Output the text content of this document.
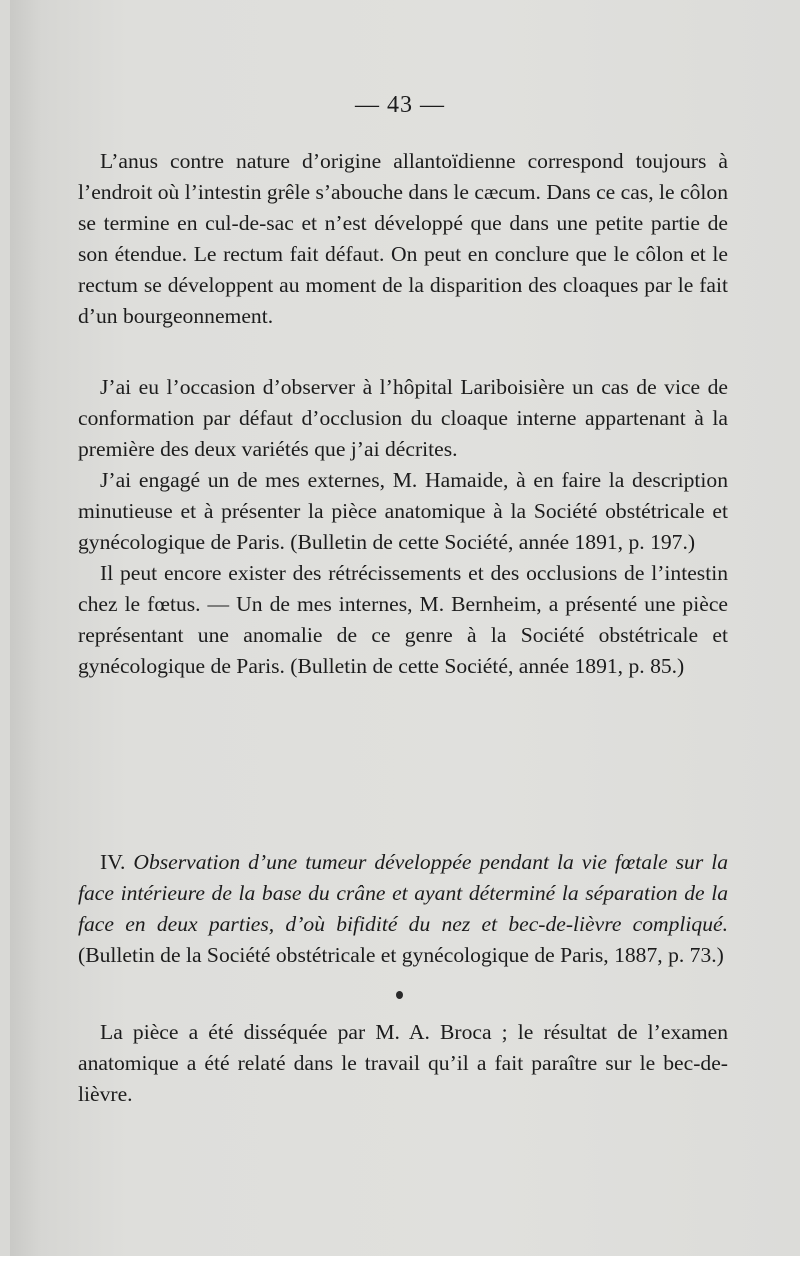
— 43 —

L’anus contre nature d’origine allantoïdienne correspond toujours à l’endroit où l’intestin grêle s’abouche dans le cæcum. Dans ce cas, le côlon se termine en cul-de-sac et n’est développé que dans une petite partie de son étendue. Le rectum fait défaut. On peut en conclure que le côlon et le rectum se développent au moment de la disparition des cloaques par le fait d’un bourgeonnement.

J’ai eu l’occasion d’observer à l’hôpital Lariboisière un cas de vice de conformation par défaut d’occlusion du cloaque interne appartenant à la première des deux variétés que j’ai décrites.

J’ai engagé un de mes externes, M. Hamaide, à en faire la description minutieuse et à présenter la pièce anatomique à la Société obstétricale et gynécologique de Paris. (Bulletin de cette Société, année 1891, p. 197.)

Il peut encore exister des rétrécissements et des occlusions de l’intestin chez le fœtus. — Un de mes internes, M. Bernheim, a présenté une pièce représentant une anomalie de ce genre à la Société obstétricale et gynécologique de Paris. (Bulletin de cette Société, année 1891, p. 85.)

IV. Observation d’une tumeur développée pendant la vie fœtale sur la face intérieure de la base du crâne et ayant déterminé la séparation de la face en deux parties, d’où bifidité du nez et bec-de-lièvre compliqué.(Bulletin de la Société obstétricale et gynécologique de Paris, 1887, p. 73.)

La pièce a été disséquée par M. A. Broca ; le résultat de l’examen anatomique a été relaté dans le travail qu’il a fait paraître sur le bec-de-lièvre.
